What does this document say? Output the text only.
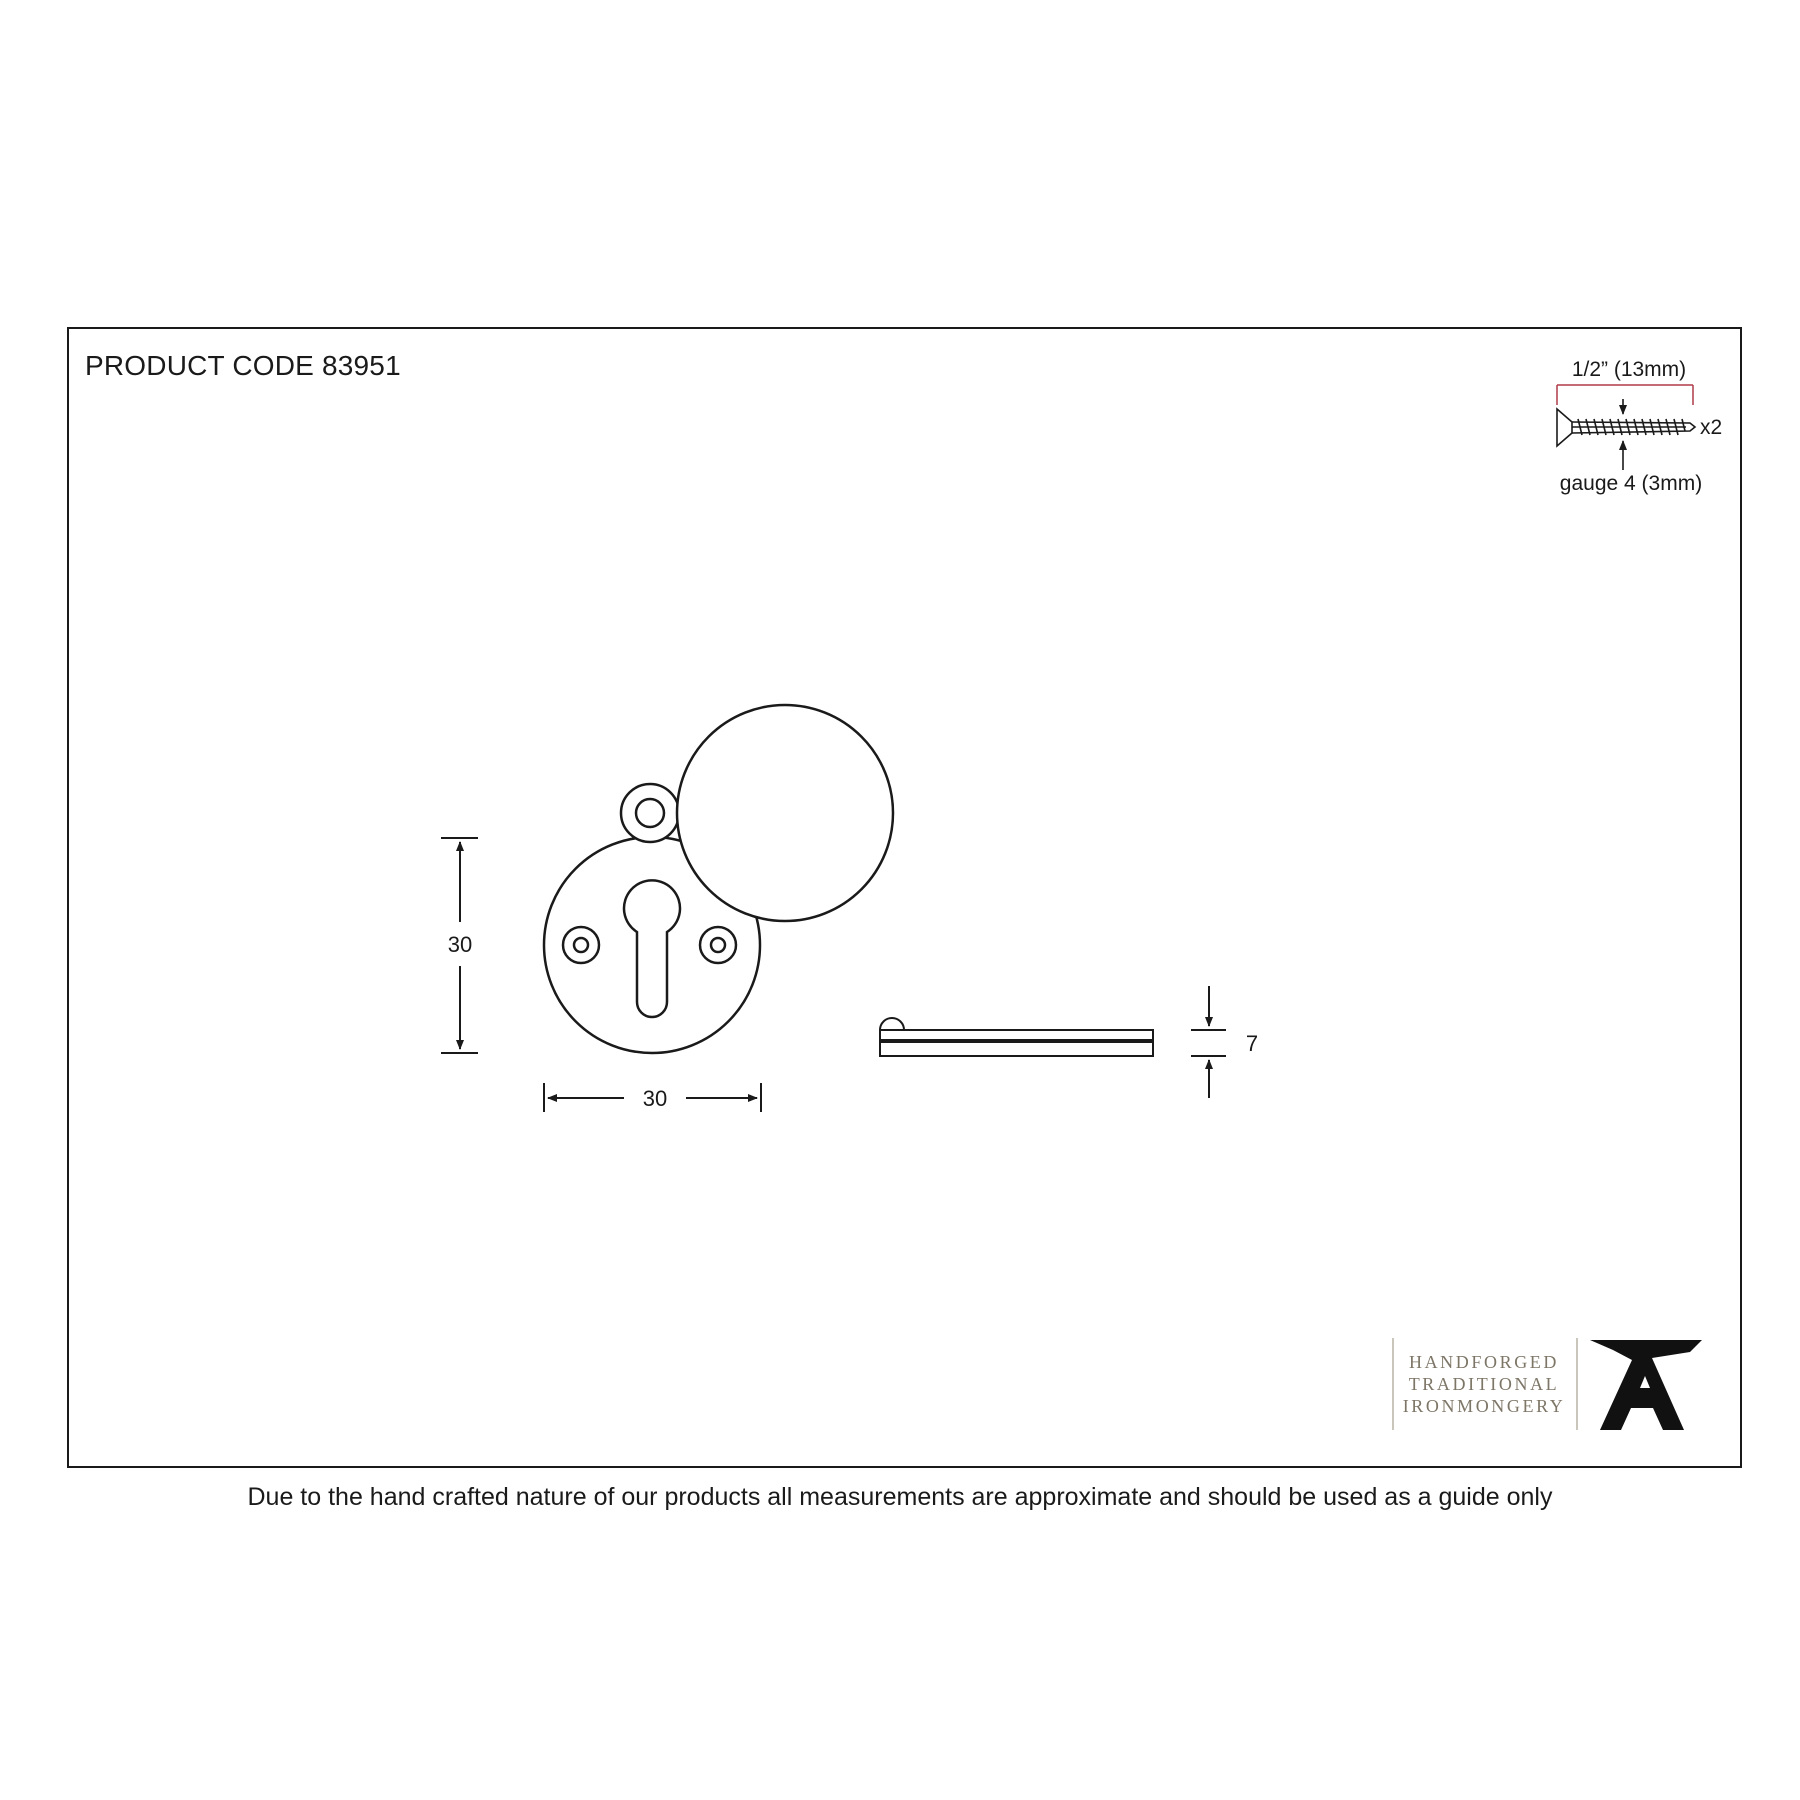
PRODUCT CODE 83951
30
30
7
1/2” (13mm)
x2
gauge 4 (3mm)
HANDFORGED
TRADITIONAL
IRONMONGERY
Due to the hand crafted nature of our products all measurements are approximate and should be used as a guide only
